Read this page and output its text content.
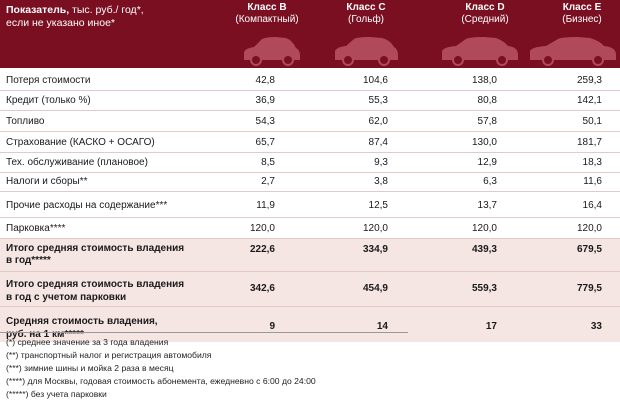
Показатель, тыс. руб./ год*,
если не указано иное*
Класс B
(Компактный)
Класс C
(Гольф)
Класс D
(Средний)
Класс E
(Бизнес)
Потеря стоимости	42,8	104,6	138,0	259,3
Кредит (только %)	36,9	55,3	80,8	142,1
Топливо	54,3	62,0	57,8	50,1
Страхование (КАСКО + ОСАГО)	65,7	87,4	130,0	181,7
Тех. обслуживание (плановое)	8,5	9,3	12,9	18,3
Налоги и сборы**	2,7	3,8	6,3	11,6
Прочие расходы на содержание***	11,9	12,5	13,7	16,4
Парковка****	120,0	120,0	120,0	120,0
Итого средняя стоимость владения
в год*****
222,6	334,9	439,3	679,5
Итого средняя стоимость владения
в год с учетом парковки
342,6	454,9	559,3	779,5
Средняя стоимость владения,
руб. на 1 км*****
9	14	17	33
(*) среднее значение за 3 года владения
(**) транспортный налог и регистрация автомобиля
(***) зимние шины и мойка 2 раза в месяц
(****) для Москвы, годовая стоимость абонемента, ежедневно с 6:00 до 24:00
(*****) без учета парковки
